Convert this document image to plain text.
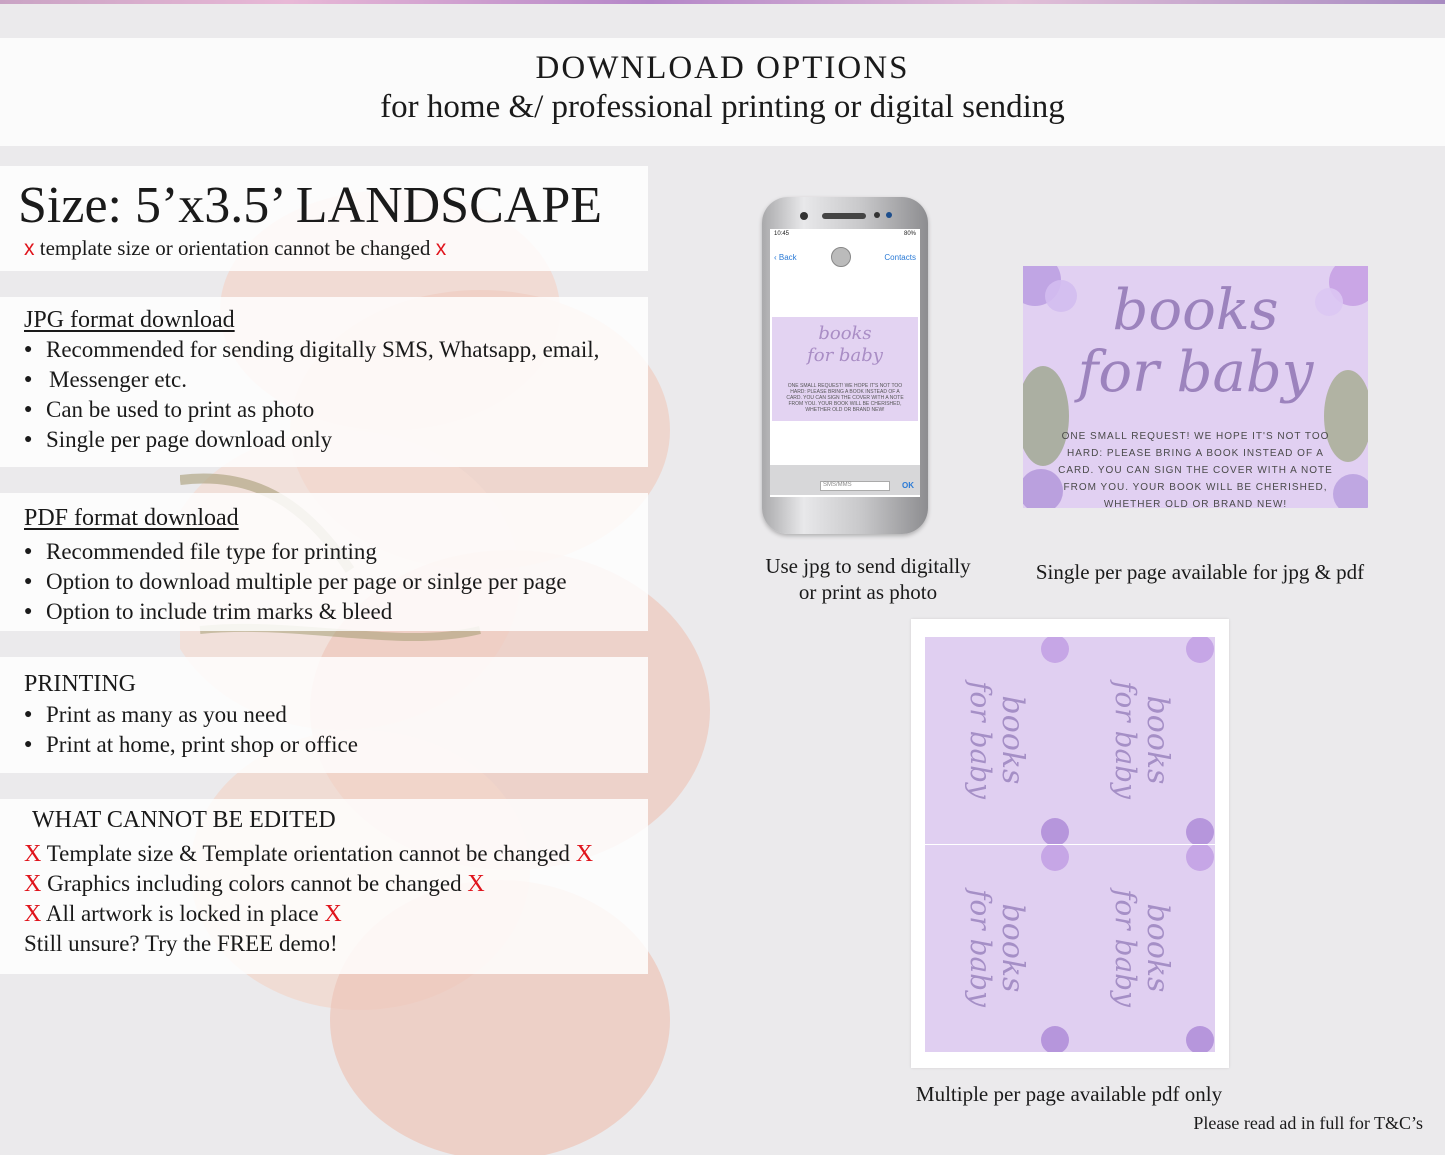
DOWNLOAD OPTIONS
for home &/ professional printing or digital sending
Size: 5’x3.5’ LANDSCAPE
x template size or orientation cannot be changed x
JPG format download
● Recommended for sending digitally SMS, Whatsapp, email,
● Messenger etc.
● Can be used to print as photo
● Single per page download only
PDF format download
● Recommended file type for printing
● Option to download multiple per page or sinlge per page
● Option to include trim marks & bleed
PRINTING
● Print as many as you need
● Print at home, print shop or office
WHAT CANNOT BE EDITED
X Template size & Template orientation cannot be changed X
X Graphics including colors cannot be changed X
X All artwork is locked in place X
Still unsure? Try the FREE demo!
10:45	80%
‹ Back	Contacts
books
for baby
ONE SMALL REQUEST! WE HOPE IT'S NOT TOO HARD: PLEASE BRING A BOOK INSTEAD OF A CARD. YOU CAN SIGN THE COVER WITH A NOTE FROM YOU. YOUR BOOK WILL BE CHERISHED, WHETHER OLD OR BRAND NEW!
SMS/MMS	OK
Use jpg to send digitally
or print as photo
books
for baby
ONE SMALL REQUEST! WE HOPE IT'S NOT TOO HARD: PLEASE BRING A BOOK INSTEAD OF A CARD. YOU CAN SIGN THE COVER WITH A NOTE FROM YOU. YOUR BOOK WILL BE CHERISHED, WHETHER OLD OR BRAND NEW!
Single per page available for jpg & pdf
books
for baby	books
for baby
books
for baby	books
for baby
Multiple per page available pdf only
Please read ad in full for T&C’s
